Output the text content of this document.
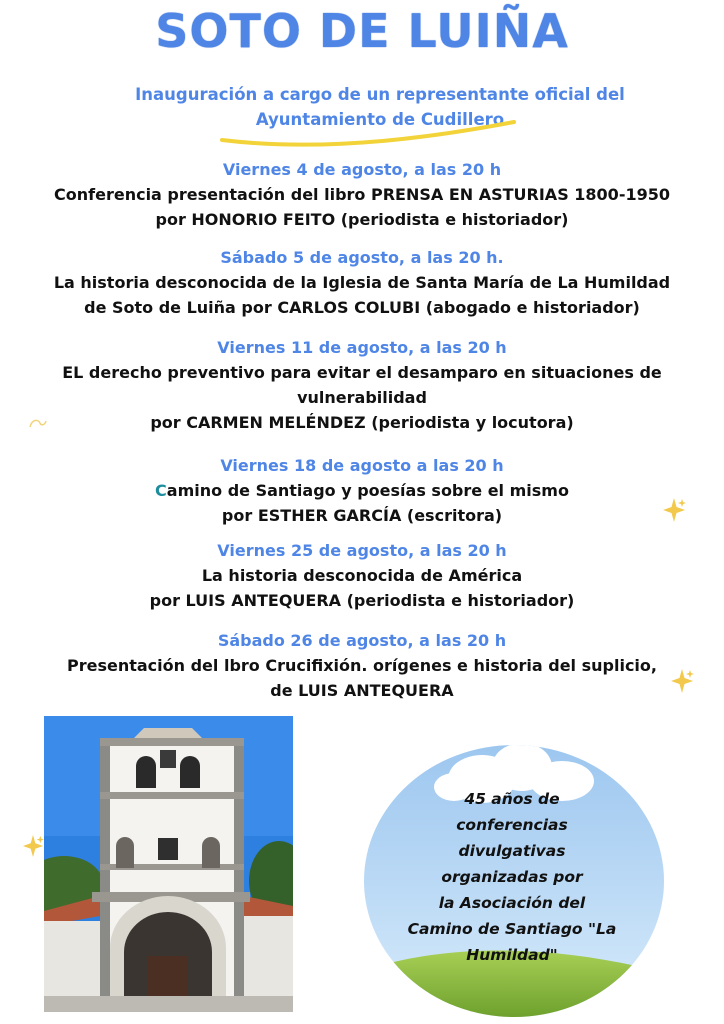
SOTO DE LUIÑA
Inauguración a cargo de un representante oficial del
Ayuntamiento de Cudillero
Viernes 4 de agosto, a las 20 h
Conferencia presentación del libro PRENSA EN ASTURIAS 1800-1950
por HONORIO FEITO (periodista e historiador)
Sábado 5 de agosto, a las 20 h.
La historia desconocida de la Iglesia de Santa María de La Humildad
de Soto de Luiña por CARLOS COLUBI (abogado e historiador)
Viernes 11 de agosto, a las 20 h
EL derecho preventivo para evitar el desamparo en situaciones de
vulnerabilidad
por CARMEN MELÉNDEZ (periodista y locutora)
Viernes 18 de agosto a las 20 h
Camino de Santiago y poesías sobre el mismo
por ESTHER GARCÍA (escritora)
Viernes 25 de agosto, a las 20 h
La historia desconocida de América
por LUIS ANTEQUERA (periodista e historiador)
Sábado 26 de agosto, a las 20 h
Presentación del lbro Crucifixión. orígenes e historia del suplicio,
de LUIS ANTEQUERA
45 años de
conferencias
divulgativas
organizadas por
la Asociación del
Camino de Santiago "La
Humildad"
